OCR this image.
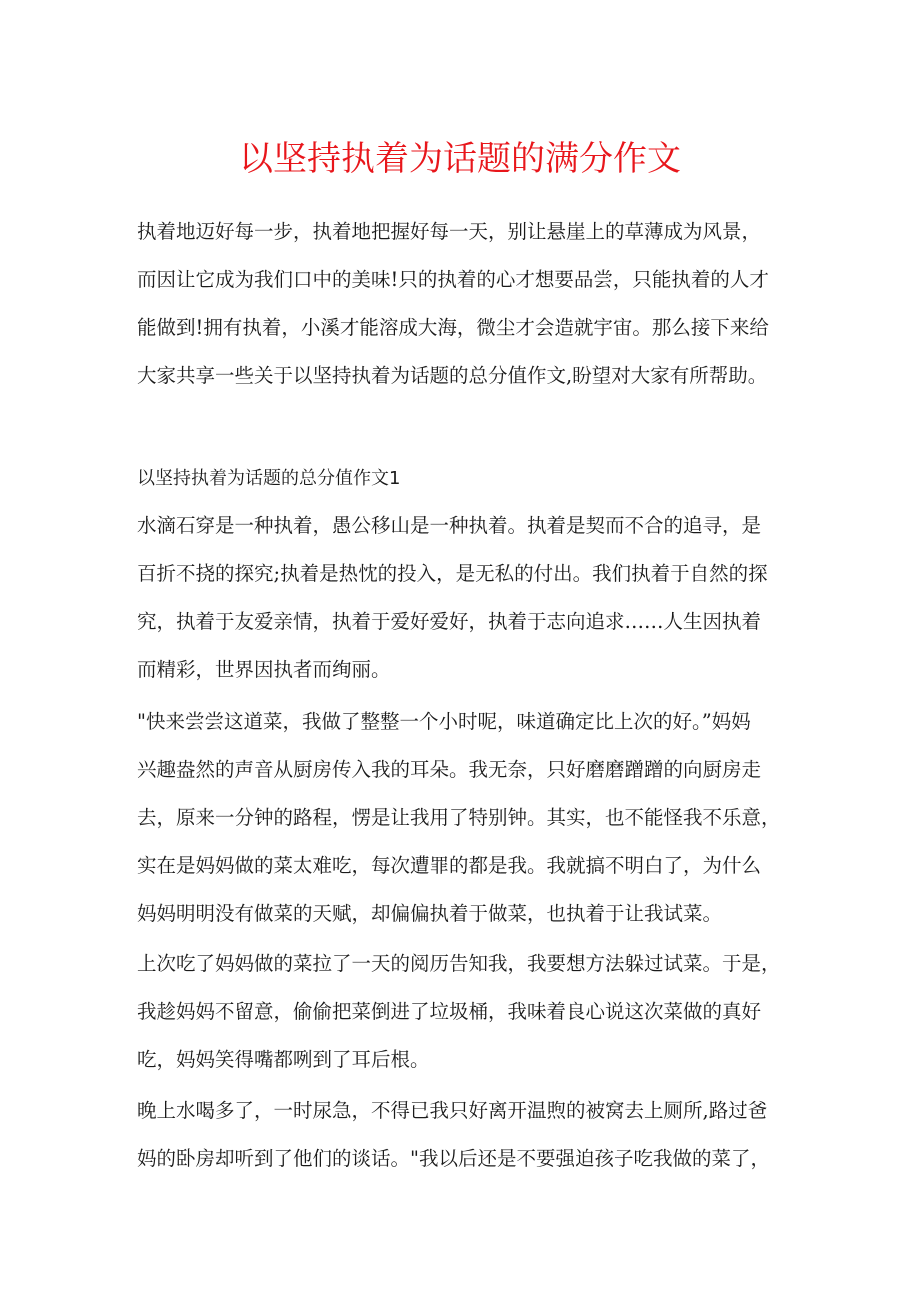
以坚持执着为话题的满分作文
执着地迈好每一步，执着地把握好每一天，别让悬崖上的草薄成为风景，
而因让它成为我们口中的美味!只的执着的心才想要品尝，只能执着的人才
能做到!拥有执着，小溪才能溶成大海，微尘才会造就宇宙。那么接下来给
大家共享一些关于以坚持执着为话题的总分值作文,盼望对大家有所帮助。
以坚持执着为话题的总分值作文1
水滴石穿是一种执着，愚公移山是一种执着。执着是契而不合的追寻，是
百折不挠的探究;执着是热忱的投入，是无私的付出。我们执着于自然的探
究，执着于友爱亲情，执着于爱好爱好，执着于志向追求……人生因执着
而精彩，世界因执者而绚丽。
"快来尝尝这道菜，我做了整整一个小时呢，味道确定比上次的好。”妈妈
兴趣盎然的声音从厨房传入我的耳朵。我无奈，只好磨磨蹭蹭的向厨房走
去，原来一分钟的路程，愣是让我用了特别钟。其实，也不能怪我不乐意，
实在是妈妈做的菜太难吃，每次遭罪的都是我。我就搞不明白了，为什么
妈妈明明没有做菜的天赋，却偏偏执着于做菜，也执着于让我试菜。
上次吃了妈妈做的菜拉了一天的阅历告知我，我要想方法躲过试菜。于是，
我趁妈妈不留意，偷偷把菜倒进了垃圾桶，我味着良心说这次菜做的真好
吃，妈妈笑得嘴都咧到了耳后根。
晚上水喝多了，一时尿急，不得已我只好离开温煦的被窝去上厕所,路过爸
妈的卧房却听到了他们的谈话。"我以后还是不要强迫孩子吃我做的菜了，
